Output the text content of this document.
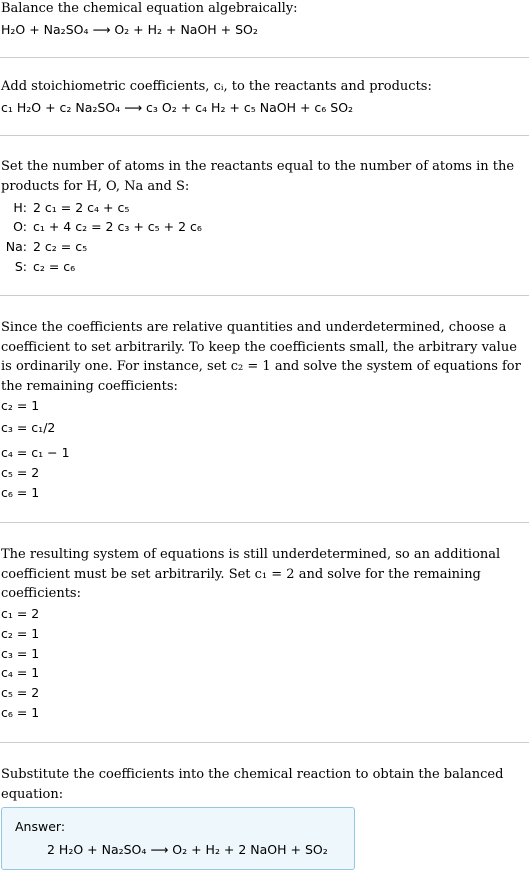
Balance the chemical equation algebraically:
H₂O + Na₂SO₄ ⟶ O₂ + H₂ + NaOH + SO₂
Add stoichiometric coefficients, cᵢ, to the reactants and products:
c₁ H₂O + c₂ Na₂SO₄ ⟶ c₃ O₂ + c₄ H₂ + c₅ NaOH + c₆ SO₂
Set the number of atoms in the reactants equal to the number of atoms in the products for H, O, Na and S:
H: 2 c₁ = 2 c₄ + c₅
O: c₁ + 4 c₂ = 2 c₃ + c₅ + 2 c₆
Na: 2 c₂ = c₅
S: c₂ = c₆
Since the coefficients are relative quantities and underdetermined, choose a coefficient to set arbitrarily. To keep the coefficients small, the arbitrary value is ordinarily one. For instance, set c₂ = 1 and solve the system of equations for the remaining coefficients:
c₂ = 1
c₃ = c₁/2
c₄ = c₁ − 1
c₅ = 2
c₆ = 1
The resulting system of equations is still underdetermined, so an additional coefficient must be set arbitrarily. Set c₁ = 2 and solve for the remaining coefficients:
c₁ = 2
c₂ = 1
c₃ = 1
c₄ = 1
c₅ = 2
c₆ = 1
Substitute the coefficients into the chemical reaction to obtain the balanced equation:
Answer:
2 H₂O + Na₂SO₄ ⟶ O₂ + H₂ + 2 NaOH + SO₂
